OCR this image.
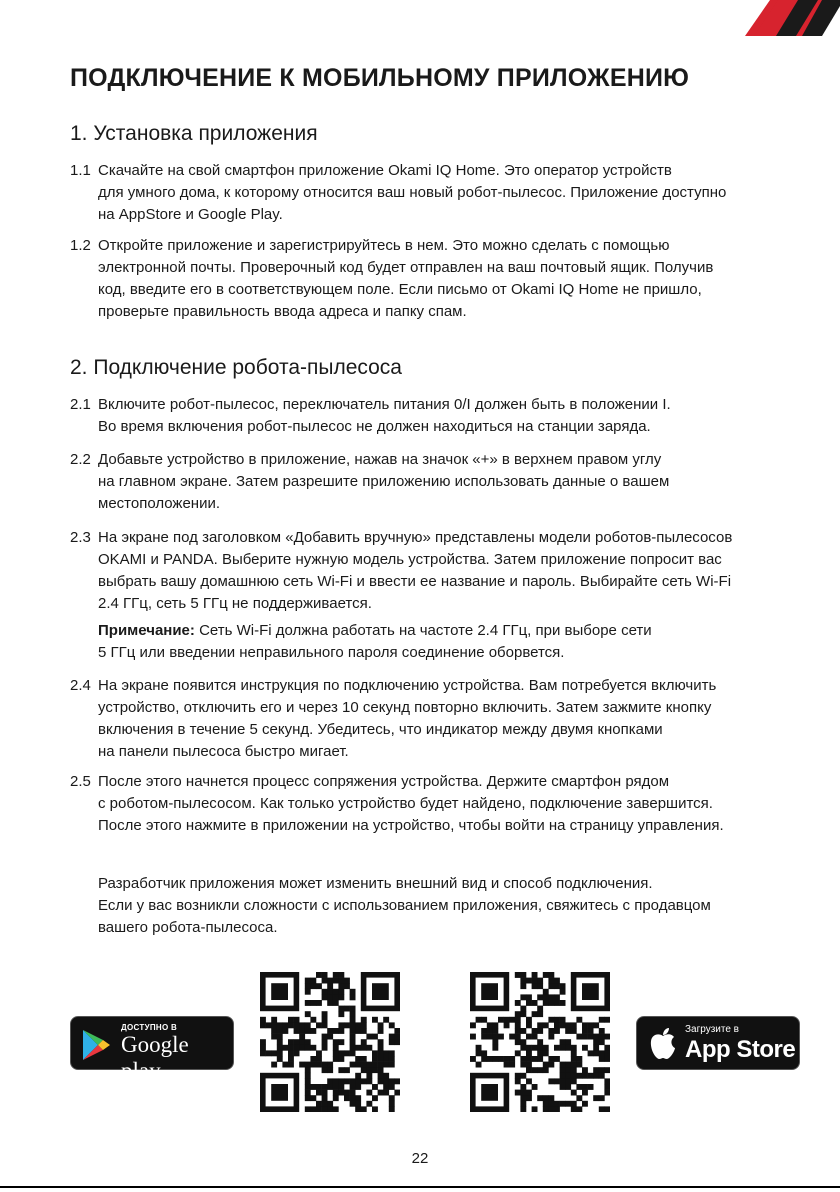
ПОДКЛЮЧЕНИЕ К МОБИЛЬНОМУ ПРИЛОЖЕНИЮ
1. Установка приложения
1.1 Скачайте на свой смартфон приложение Okami IQ Home. Это оператор устройств
для умного дома, к которому относится ваш новый робот-пылесос. Приложение доступно
на AppStore и Google Play.
1.2 Откройте приложение и зарегистрируйтесь в нем. Это можно сделать с помощью
электронной почты. Проверочный код будет отправлен на ваш почтовый ящик. Получив
код, введите его в соответствующем поле. Если письмо от Okami IQ Home не пришло,
проверьте правильность ввода адреса и папку спам.
2. Подключение робота-пылесоса
2.1 Включите робот-пылесос, переключатель питания 0/I должен быть в положении I.
Во время включения робот-пылесос не должен находиться на станции заряда.
2.2 Добавьте устройство в приложение, нажав на значок «+» в верхнем правом углу
на главном экране. Затем разрешите приложению использовать данные о вашем
местоположении.
2.3 На экране под заголовком «Добавить вручную» представлены модели роботов-пылесосов
OKAMI и PANDA. Выберите нужную модель устройства. Затем приложение попросит вас
выбрать вашу домашнюю сеть Wi-Fi и ввести ее название и пароль. Выбирайте сеть Wi-Fi
2.4 ГГц, сеть 5 ГГц не поддерживается.
Примечание: Сеть Wi-Fi должна работать на частоте 2.4 ГГц, при выборе сети
5 ГГц или введении неправильного пароля соединение оборвется.
2.4 На экране появится инструкция по подключению устройства. Вам потребуется включить
устройство, отключить его и через 10 секунд повторно включить. Затем зажмите кнопку
включения в течение 5 секунд. Убедитесь, что индикатор между двумя кнопками
на панели пылесоса быстро мигает.
2.5 После этого начнется процесс сопряжения устройства. Держите смартфон рядом
с роботом-пылесосом. Как только устройство будет найдено, подключение завершится.
После этого нажмите в приложении на устройство, чтобы войти на страницу управления.
Разработчик приложения может изменить внешний вид и способ подключения.
Если у вас возникли сложности с использованием приложения, свяжитесь с продавцом
вашего робота-пылесоса.
ДОСТУПНО В
Google play
Загрузите в
App Store
22
